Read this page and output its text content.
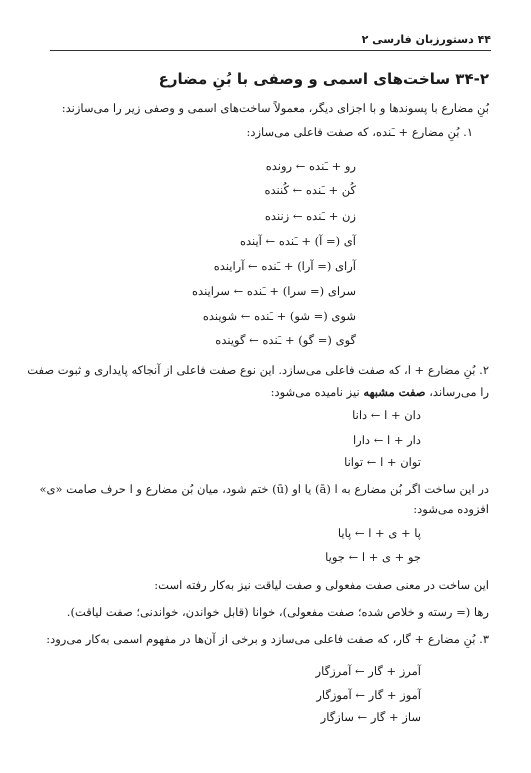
۴۴ دستورزبان فارسی ۲
۳۴-۲ ساخت‌های اسمی و وصفی با بُنِ مضارع
بُنِ مضارع با پسوندها و با اجزای دیگر، معمولاً ساخت‌های اسمی و وصفی زیر را می‌سازند:
۱. بُنِ مضارع + ـَنده، که صفت فاعلی می‌سازد:
رو + ـَنده ← رونده
کُن + ـَنده ← کُننده
زن + ـَنده ← زننده
آی (= آ) + ـَنده ← آینده
آرای (= آرا) + ـَنده ← آراینده
سرای (= سرا) + ـَنده ← سراینده
شوی (= شو) + ـَنده ← شوینده
گوی (= گو) + ـَنده ← گوینده
۲. بُنِ مضارع + ا، که صفت فاعلی می‌سازد. این نوع صفت فاعلی از آنجاکه پایداری و ثبوت صفت
را می‌رساند، صفت مشبهه نیز نامیده می‌شود:
دان + ا ← دانا
دار + ا ← دارا
توان + ا ← توانا
در این ساخت اگر بُن مضارع به ا (ā) یا او (ū) ختم شود، میان بُن مضارع و ا حرف صامت «ی»
افزوده می‌شود:
پا + ی + ا ← پایا
جو + ی + ا ← جویا
این ساخت در معنی صفت مفعولی و صفت لیاقت نیز به‌کار رفته است:
رها (= رسته و خلاص شده؛ صفت مفعولی)، خوانا (قابل خواندن، خواندنی؛ صفت لیاقت).
۳. بُنِ مضارع + گار، که صفت فاعلی می‌سازد و برخی از آن‌ها در مفهوم اسمی به‌کار می‌رود:
آمرز + گار ← آمرزگار
آموز + گار ← آموزگار
ساز + گار ← سازگار
